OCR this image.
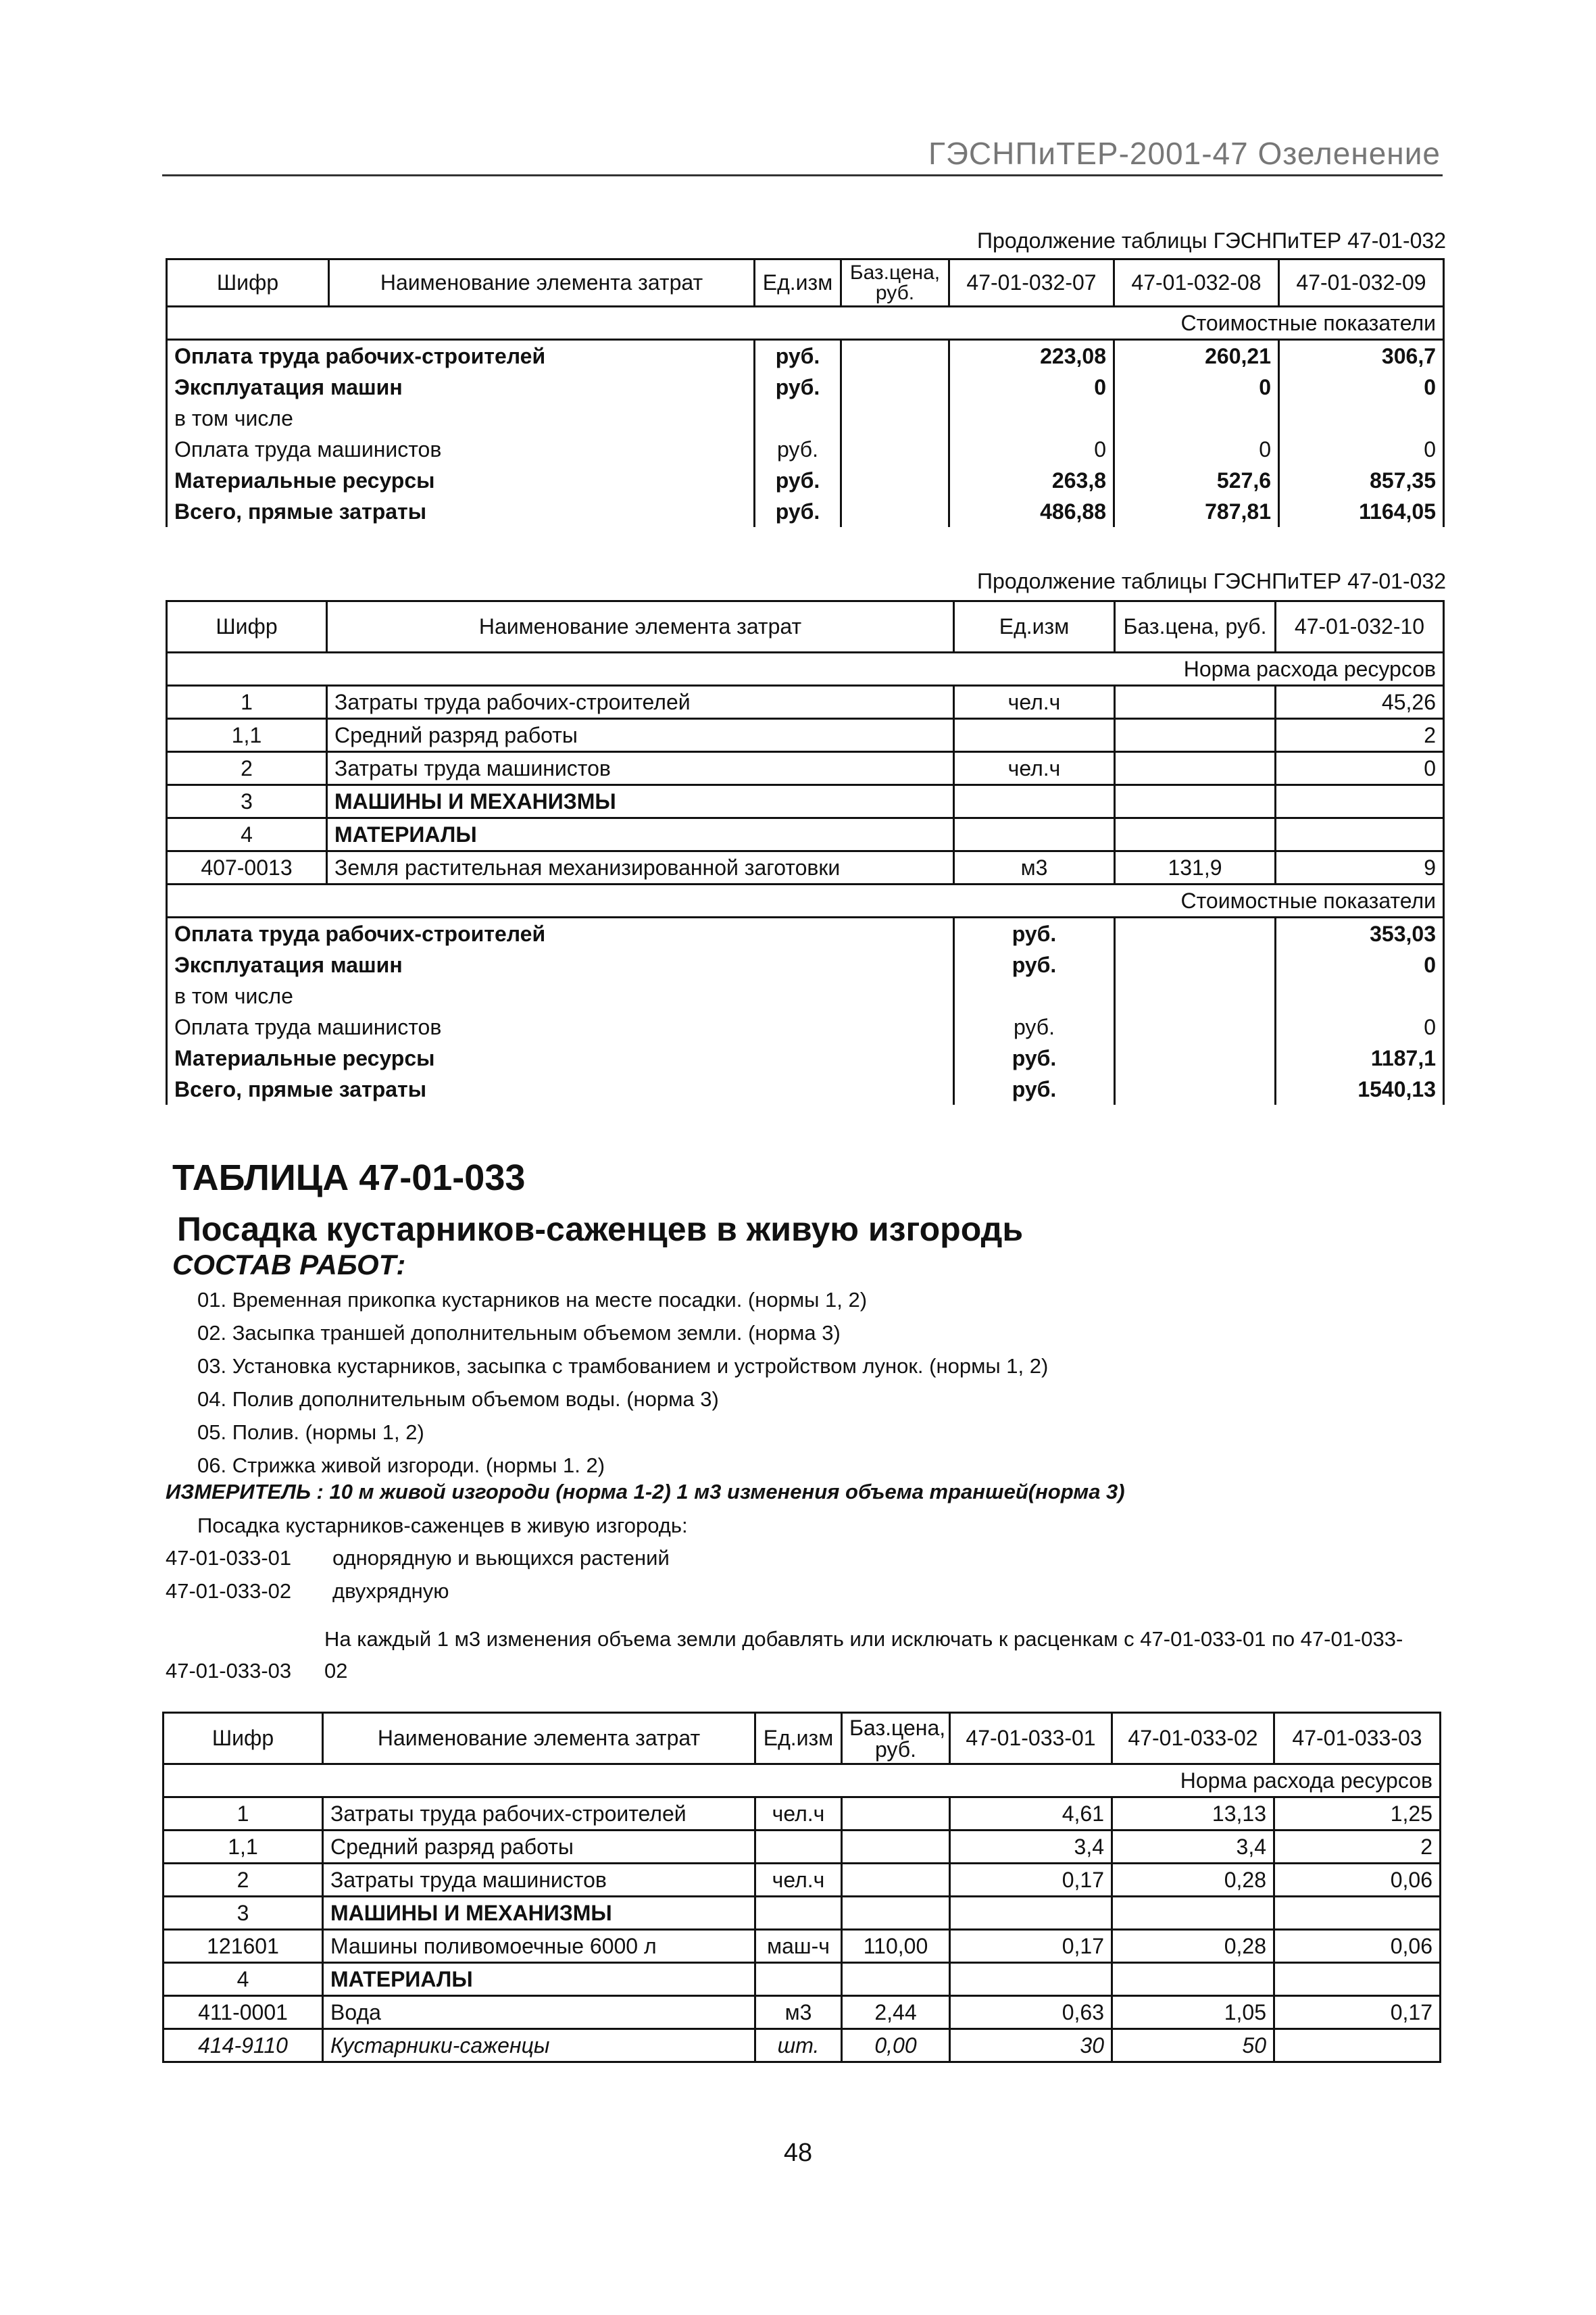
ГЭСНПиТЕР-2001-47 Озеленение
Продолжение таблицы ГЭСНПиТЕР 47-01-032
Шифр	Наименование элемента затрат	Ед.изм	Баз.цена, руб.	47-01-032-07	47-01-032-08	47-01-032-09
Стоимостные показатели						
Оплата труда рабочих-строителей		руб.		223,08	260,21	306,7
Эксплуатация машин		руб.		0	0	0
в том числе						
Оплата труда машинистов		руб.		0	0	0
Материальные ресурсы		руб.		263,8	527,6	857,35
Всего, прямые затраты		руб.		486,88	787,81	1164,05
Продолжение таблицы ГЭСНПиТЕР 47-01-032
Шифр	Наименование элемента затрат	Ед.изм	Баз.цена, руб.	47-01-032-10
Норма расхода ресурсов				
1	Затраты труда рабочих-строителей	чел.ч		45,26
1,1	Средний разряд работы			2
2	Затраты труда машинистов	чел.ч		0
3	МАШИНЫ И МЕХАНИЗМЫ			
4	МАТЕРИАЛЫ			
407-0013	Земля растительная механизированной заготовки	м3	131,9	9
Стоимостные показатели				
Оплата труда рабочих-строителей		руб.		353,03
Эксплуатация машин		руб.		0
в том числе				
Оплата труда машинистов		руб.		0
Материальные ресурсы		руб.		1187,1
Всего, прямые затраты		руб.		1540,13
ТАБЛИЦА 47-01-033
Посадка кустарников-саженцев в живую изгородь
СОСТАВ РАБОТ:
01. Временная прикопка кустарников на месте посадки. (нормы 1, 2)
02. Засыпка траншей дополнительным объемом земли. (норма 3)
03. Установка кустарников, засыпка с трамбованием и устройством лунок. (нормы 1, 2)
04. Полив дополнительным объемом воды. (норма 3)
05. Полив. (нормы 1, 2)
06. Стрижка живой изгороди. (нормы 1. 2)
ИЗМЕРИТЕЛЬ : 10 м живой изгороди (норма 1-2) 1 м3 изменения объема траншей(норма 3)
Посадка кустарников-саженцев в живую изгородь:
47-01-033-01 однорядную и вьющихся растений
47-01-033-02 двухрядную
На каждый 1 м3 изменения объема земли добавлять или исключать к расценкам с 47-01-033-01 по 47-01-033-
47-01-033-03 02
Шифр	Наименование элемента затрат	Ед.изм	Баз.цена, руб.	47-01-033-01	47-01-033-02	47-01-033-03
Норма расхода ресурсов						
1	Затраты труда рабочих-строителей	чел.ч		4,61	13,13	1,25
1,1	Средний разряд работы			3,4	3,4	2
2	Затраты труда машинистов	чел.ч		0,17	0,28	0,06
3	МАШИНЫ И МЕХАНИЗМЫ					
121601	Машины поливомоечные 6000 л	маш-ч	110,00	0,17	0,28	0,06
4	МАТЕРИАЛЫ					
411-0001	Вода	м3	2,44	0,63	1,05	0,17
414-9110	Кустарники-саженцы	шт.	0,00	30	50	
48
